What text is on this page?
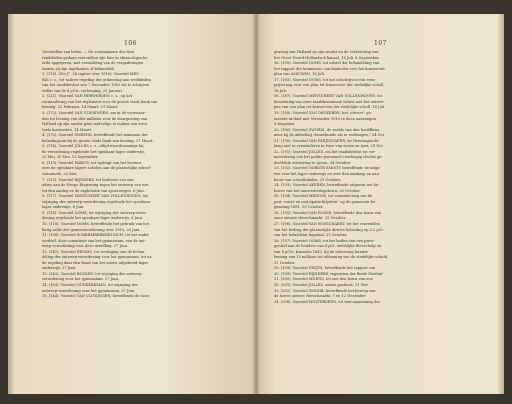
106
Voorstellen van leden. — De voornaamste der door
raadsleden gedane voorstellen zijn hier in chronologische
orde opgegeven, met vermelding van de vergaderingen
waarin zij zijn ingekomen of behandeld:
1. (116). (Zie J°. 24 rapiter over 1910). Voorstel MEY-
RIS c. s., tot nadere regeling der uitkeering aan werklieden
van het raadsbesluit van 7 December 1910 tot te schrijven
welke van de 4 pCts. verlenging, 25 Januari.
2. (121). Voorstel VAN HERWERDEN c. s., op het
vermindering van het reglement voor de groote stads bank van
leening, 22 Februari, 14 Maart, 21 Maart.
3. (172). Voorstel VAN VLISSINGEN, om in de voorwaar-
den tot leening van drie millioen voor de doorgraving van
Holland op zijn smalst geen nadeelige te maken van even-
tuele kosmosten, 14 Maart.
4. (170). Voorstel SMEENK, betreffende het minimum der
belastingsom bij de groote stads bank van leening, 21 Maart.
5. (114). Voorstel JOLLES c. s., altijd woordsommige bij
de verordening regelende het openbaar lager onderwijs,
23 Mei, 30 Mei, 12 September.
6. (113). Voorstel FABIUS, tot opdragt van het bestuur
over de openbare lagere scholen aan de plaatselijke school-
commissie, 23 Mei.
7. (115). Voorstel RIJNDERS, tot herbouw van een
adres aan de Hooge Regeering tegen het ontwerp van wet
tot den aanleg en de exploitatie van spoorwegen, 6 Juni.
8. (117). Voorstel MENSCHERT VAN VOLLENHOVEN, tot
wijziging der ontwerp-verordening regelende het openbaar
lager onderwijs, 6 Juni.
9. (118). Voorstel OOMS, tot wijziging der ontwerp-veror-
dening regelende het openbaar lager onderwijs, 6 Juni.
10. (118). Voorstel OOMS, betreffende het gebruik van het
batig saldo der gemeenterekening over 1910, 20 Juni.
11. (108). Voorstel SCHERMBEEKHINNICH, tot het ander
oordeel, door commissie van het gymnasium, van de ont-
werp-verordening voor deze instelling, 27 Juni.
12. (141). Voorstel REMMS, tot verdaging van de behan-
deling der ontwerp-verordening voor het gymnasium, tot na
de regeling daar den Raad van het nieuw uitgebreid lager
onderwijs, 27 Juni.
13. (142). Voorstel ROSSEN, tot wijziging der ontwerp-
verordening voor het gymnasium, 27 Juni.
14. (163). Voorstel OUDKERKMAN, tot wijziging der
ontwerp-verordening voor het gymnasium, 27 Juni.
15. (144). Voorstel VAN VLISSINGEN, betreffende de doos-
107
graving van Holland op zijn smalst en de verbetering van
het Groot Noord-Hollandsch kanaal, 18 Juli, 8 September.
16. (195). Voorstel OOMS, tot uitstel der behandeling van
het rapport der kommissie van financiën over het konservati-
plan van ASSUNEN, 18 Juli.
17. (165). Voorstel OOMS, tot het uitschrijven van eene
prijsvraag voor een plan tot konserveie der stedelijke scholl,
18 Juli.
18. (187). Voorstel MENSCHERT VAN VOLLENHOVEN, tot
benoeming van eene raadskommissie belast met het ontwer-
pen van een plan tot konserveie der stedelijke scholl, 18 Juli.
19. (188). Voorstel VAN DECKEBDE, het ,uitvoer'' ge-
meente-archief met November 1910 te doen aanvangen,
8 Augustus.
20. (180). Voorstel SWORM, de wedde van den hoofdkom-
mies bij de afdeeling »bouwkunde als te verhoogen,'' 24 Oct.
21. (190). Voorstel VAN RHIJNSTAFER, de Heerengracht-
brug niet te verminderen in twee van storm en ijzer, 24 Oct.
22. (191). Voorstel JOLLES, om het raadsbesluit tot ver-
meerdering van het politie-personeel voorloopig slechts ge-
deeltelijk uitvoering te geven, 24 October.
23. (192). Voorstel OORSTE SMOOT, betreffende de uitga-
ven voor het lager onderwijs en over den aankoop en aan-
bouw van schoollokalen, 25 October.
24. (193). Voorstel AKEREN, betreffende uitgaven ten be-
hoeve van het universiteitsgebouw, 25 October.
25. (194). Voorstel MENOSS, tot vermindering van de
post »vaste en anticipatie-biljetten'' op de gemeente-be-
grooting 1881, 25 October.
26. (195). Voorstel VAN ROSSE, betreffende den bouw van
eene nieuwe vleeschmarkt, 25 October.
27. (196). Voorstel VAN BOSSCHAERT, tot het voorstellen
van het bedrag der plaatselijke directe belasting op 3.2 pCt.
van het belastbaar kapitaal, 25 October.
28. (197). Voorstel OOMS, tot het heffen van een provi-
gentief aan de houders van 4 pCt. stedelijke theeschulp en
van 4 pCts. konsoles 1842, bij de inlevering hunner
leening van 13 millioen tot afdoening van de stedelijke schuld,
31 October.
29. (199). Voorstel FEIJTH, betreffende het rapport van
30. (199). Voorstel RIJNDERS, tegensten der Reale Gasthui-
31. (200). Voorstel MOENS, tot een den bouw van een
32. (201). Voorstel JOLLES, nieuw gasthuis, 21 Nov.
33. (202). Voorstel SMOOR, betreffende het beroep van
de hoeve nieuwe vleeschmarkt, 7 en 12 December
34. (208). Voorstel WOLTERSEEN, tot niet-aanneming der
